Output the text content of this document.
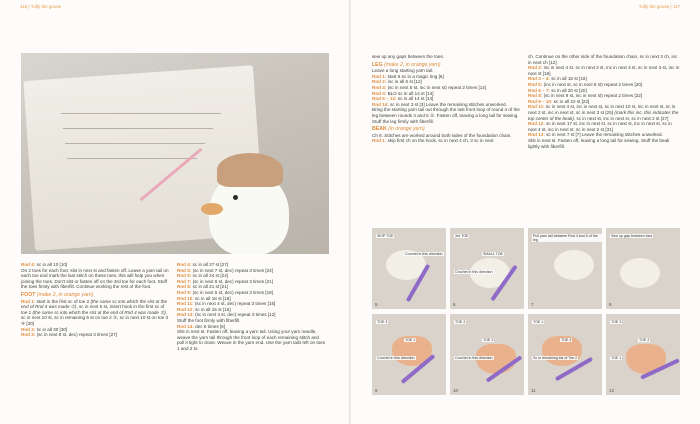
116 | Tully the goose	Tully the goose | 117

Rnd 4: sc in all 10 [10]

On 2 toes for each foot: slst in next st and fasten off. Leave a yarn tail on each toe and mark the last stitch on these toes, this will help you when joining the toes. Don't slst or fasten off on the 3rd toe for each foot. Stuff the toes firmly with fiberfill. Continue working the rest of the foot.

FOOT (make 2, in orange yarn)

Rnd 1: start in the first sc of toe 2 (the same sc into which the slst at the end of Rnd 4 was made ①), sc in next 5 st, insert hook in the first sc of toe 1 (the same sc into which the slst at the end of Rnd 4 was made ②), sc in next 10 st, sc in remaining 5 st on toe 2 ③, sc in next 10 st on toe 3 ④ [30]

Rnd 2: sc in all 30 [30]

Rnd 3: (sc in next 8 st, dec) repeat 3 times [27]

Rnd 4: sc in all 27 st [27]

Rnd 5: (sc in next 7 st, dec) repeat 3 times [24]

Rnd 6: sc in all 24 st [24]

Rnd 7: (sc in next 6 st, dec) repeat 3 times [21]

Rnd 8: sc in all 21 st [21]

Rnd 9: (sc in next 5 st, dec) repeat 3 times [18]

Rnd 10: sc in all 18 st [18]

Rnd 11: (sc in next 4 st, dec) repeat 3 times [15]

Rnd 12: sc in all 15 st [15]

Rnd 13: (sc in next 3 st, dec) repeat 3 times [12]

Stuff the foot firmly with fiberfill.

Rnd 14: dec 6 times [6]

Slst in next st. Fasten off, leaving a yarn tail. Using your yarn needle, weave the yarn tail through the front loop of each remaining stitch and pull it tight to close. Weave in the yarn end. Use the yarn tails left on toes 1 and 2 to

sew up any gaps between the toes.

LEG (make 2, in orange yarn)

Leave a long starting yarn tail.

Rnd 1: start 6 sc in a magic ring [6]

Rnd 2: inc in all 6 st [12]

Rnd 3: (sc in next 5 st, inc in next st) repeat 2 times [14]

Rnd 4: BLO sc in all 14 st [14]

Rnd 5 – 13: sc in all 14 st [14]

Rnd 14: sc in next 3 st [3] Leave the remaining stitches unworked.

Bring the starting yarn tail out through the last front loop of round 4 of the leg between rounds 4 and 5 ⑤. Fasten off, leaving a long tail for sewing. Stuff the leg firmly with fiberfill.

BEAK (in orange yarn)

Ch 6. Stitches are worked around both sides of the foundation chain.

Rnd 1: skip first ch on the hook, sc in next 4 ch, 3 sc in next

ch. Continue on the other side of the foundation chain, sc in next 3 ch, inc in next ch [12]

Rnd 2: inc in next 4 st, sc in next 3 st, inc in next 3 st, sc in next 3 st, inc in next st [18]

Rnd 3 – 4: sc in all 18 st [18]

Rnd 5: (inc in next st, sc in next 8 st) repeat 2 times [20]

Rnd 6 – 7: sc in all 20 st [20]

Rnd 8: (sc in next 9 st, inc in next st) repeat 2 times [22]

Rnd 9 – 10: sc in all 22 st [22]

Rnd 11: sc in next 4 st, inc in next st, sc in next 10 st, inc in next st, sc in next 2 st, inc in next st, sc in next 3 st [25] (mark this inc, this indicates the top center of the beak), sc in next st, inc in next st, sc in next 2 st [27]

Rnd 12: sc in next 17 st, inc in next st, sc in next st, inc in next st, sc in next 4 st, inc in next st, sc in next 2 st [31]

Rnd 13: sc in next 7 st [7] Leave the remaining stitches unworked.

Slst in next st. Fasten off, leaving a long tail for sewing. Stuff the beak lightly with fiberfill.

SKIP TOE
Crochet in this direction
5
3rd TOE
SMALL TOE
Crochet in this direction
6
Pull yarn tail between Rnd 4 and 5 of the leg
7
Sew up gap between toes
8
TOE 3
TOE 1
Crochet in this direction
9
TOE 2
TOE 3
Crochet in this direction
10
TOE 1
TOE 3
Sc in remaining sts of Toe 2
11
TOE 3
TOE 2
TOE 1
12
